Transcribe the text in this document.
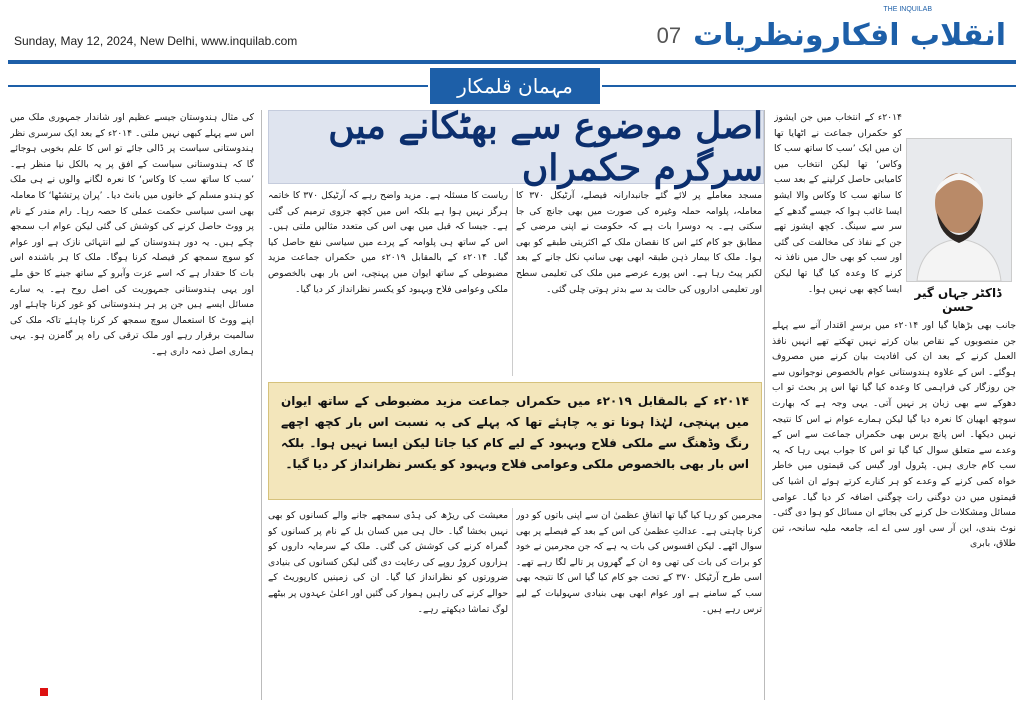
Sunday, May 12, 2024, New Delhi, www.inquilab.com	انقلاب افکارونظریات
07
THE INQUILAB
مہمان قلمکار
اصل موضوع سے بھٹکانے میں سرگرم حکمراں
ڈاکٹر جہاں گیر حسن
۲۰۱۴ء کے انتخاب میں جن ایشوز کو حکمراں جماعت نے اٹھایا تھا ان میں ایک ’سب کا ساتھ سب کا وکاس‘ تھا لیکن انتخاب میں کامیابی حاصل کرلینے کے بعد سب کا ساتھ سب کا وکاس والا ایشو ایسا غائب ہوا کہ جیسے گدھے کے سر سے سینگ۔ کچھ ایشوز تھے جن کے نفاذ کی مخالفت کی گئی اور سب کو بھی حال میں نافذ نہ کرنے کا وعدہ کیا گیا تھا لیکن ایسا کچھ بھی نہیں ہوا۔
جانب بھی بڑھایا گیا اور ۲۰۱۴ء میں برسرِ اقتدار آنے سے پہلے جن منصوبوں کے نقاص بیان کرتے نہیں تھکتے تھے انہیں نافذ العمل کرنے کے بعد ان کی افادیت بیان کرنے میں مصروف ہوگئے۔ اس کے علاوہ ہندوستانی عوام بالخصوص نوجوانوں سے جن روزگار کی فراہمی کا وعدہ کیا گیا تھا اس پر بحث تو اب دھوکے سے بھی زبان پر نہیں آتی۔ یہی وجہ ہے کہ بھارت سوچھ ابھیان کا نعرہ دیا گیا لیکن ہمارے عوام نے اس کا نتیجہ نہیں دیکھا۔ اس پانچ برس بھی حکمراں جماعت سے اس کے وعدے سے متعلق سوال کیا گیا تو اس کا جواب یہی رہا کہ یہ سب کام جاری ہیں۔ پٹرول اور گیس کی قیمتوں میں خاطر خواہ کمی کرنے کے وعدے کو ہر کنارے کرتے ہوئے ان اشیا کی قیمتوں میں دن دوگنی رات چوگنی اضافہ کر دیا گیا۔ عوامی مسائل ومشکلات حل کرنے کی بجائے ان مسائل کو ہوا دی گئی۔ نوٹ بندی، این آر سی اور سی اے اے، جامعہ ملیہ سانحہ، تین طلاق، بابری
مسجد معاملے پر لائے گئے جانبدارانہ فیصلے، آرٹیکل ۳۷۰ کا معاملہ، پلوامہ حملہ وغیرہ کی صورت میں بھی جانچ کی جا سکتی ہے۔ یہ دوسرا بات ہے کہ حکومت نے اپنی مرضی کے مطابق جو کام کئے اس کا نقصان ملک کے اکثریتی طبقے کو بھی ہوا۔ ملک کا بیمار ذہن طبقہ ابھی بھی سانپ نکل جانے کے بعد لکیر پیٹ رہا ہے۔ اس پورے عرصے میں ملک کی تعلیمی سطح اور تعلیمی اداروں کی حالت بد سے بدتر ہوتی چلی گئی۔
ریاست کا مسئلہ ہے۔ مزید واضح رہے کہ آرٹیکل ۳۷۰ کا خاتمہ ہرگز نہیں ہوا ہے بلکہ اس میں کچھ جزوی ترمیم کی گئی ہے۔ جیسا کہ قبل میں بھی اس کی متعدد مثالیں ملتی ہیں۔ اس کے ساتھ ہی پلوامہ کے پردے میں سیاسی نفع حاصل کیا گیا۔ ۲۰۱۴ء کے بالمقابل ۲۰۱۹ء میں حکمراں جماعت مزید مضبوطی کے ساتھ ایوان میں پہنچی، اس بار بھی بالخصوص ملکی وعوامی فلاح وبہبود کو یکسر نظرانداز کر دیا گیا۔
۲۰۱۴ء کے بالمقابل ۲۰۱۹ء میں حکمراں جماعت مزید مضبوطی کے ساتھ ایوان میں پہنچی، لہٰذا ہونا تو یہ چاہئے تھا کہ پہلے کی بہ نسبت اس بار کچھ اچھے رنگ وڈھنگ سے ملکی فلاح وبہبود کے لیے کام کیا جاتا لیکن ایسا نہیں ہوا۔ بلکہ اس بار بھی بالخصوص ملکی وعوامی فلاح وبہبود کو یکسر نظرانداز کر دیا گیا۔
مجرمین کو رہا کیا گیا تھا اتفاقِ عظمیٰ ان سے اپنی باتوں کو دور کرنا چاہتی ہے۔ عدالتِ عظمیٰ کی اس کے بعد کے فیصلے پر بھی سوال اٹھے۔ لیکن افسوس کی بات یہ ہے کہ جن مجرمین نے خود کو برات کی بات کی تھی وہ ان کے گھروں پر تالے لگا رہے تھے۔ اسی طرح آرٹیکل ۳۷۰ کے تحت جو کام کیا گیا اس کا نتیجہ بھی سب کے سامنے ہے اور عوام ابھی بھی بنیادی سہولیات کے لیے ترس رہے ہیں۔
معیشت کی ریڑھ کی ہڈی سمجھے جانے والے کسانوں کو بھی نہیں بخشا گیا۔ حال ہی میں کسان بل کے نام پر کسانوں کو گمراہ کرنے کی کوشش کی گئی۔ ملک کے سرمایہ داروں کو ہزاروں کروڑ روپے کی رعایت دی گئی لیکن کسانوں کی بنیادی ضرورتوں کو نظرانداز کیا گیا۔ ان کی زمینیں کارپوریٹ کے حوالے کرنے کی راہیں ہموار کی گئیں اور اعلیٰ عہدوں پر بیٹھے لوگ تماشا دیکھتے رہے۔
کی مثال ہندوستان جیسے عظیم اور شاندار جمہوری ملک میں اس سے پہلے کبھی نہیں ملتی۔ ۲۰۱۴ء کے بعد ایک سرسری نظر ہندوستانی سیاست پر ڈالی جائے تو اس کا علم بخوبی ہوجائے گا کہ ہندوستانی سیاست کے افق پر یہ بالکل نیا منظر ہے۔ ’سب کا ساتھ سب کا وکاس‘ کا نعرہ لگانے والوں نے ہی ملک کو ہندو مسلم کے خانوں میں بانٹ دیا۔ ’پران پرتشٹھا‘ کا معاملہ بھی اسی سیاسی حکمت عملی کا حصہ رہا۔ رام مندر کے نام پر ووٹ حاصل کرنے کی کوشش کی گئی لیکن عوام اب سمجھ چکے ہیں۔ یہ دور ہندوستان کے لیے انتہائی نازک ہے اور عوام کو سوچ سمجھ کر فیصلہ کرنا ہوگا۔ ملک کا ہر باشندہ اس بات کا حقدار ہے کہ اسے عزت وآبرو کے ساتھ جینے کا حق ملے اور یہی ہندوستانی جمہوریت کی اصل روح ہے۔ یہ سارے مسائل ایسے ہیں جن پر ہر ہندوستانی کو غور کرنا چاہئے اور اپنے ووٹ کا استعمال سوچ سمجھ کر کرنا چاہئے تاکہ ملک کی سالمیت برقرار رہے اور ملک ترقی کی راہ پر گامزن ہو۔ یہی ہماری اصل ذمہ داری ہے۔
